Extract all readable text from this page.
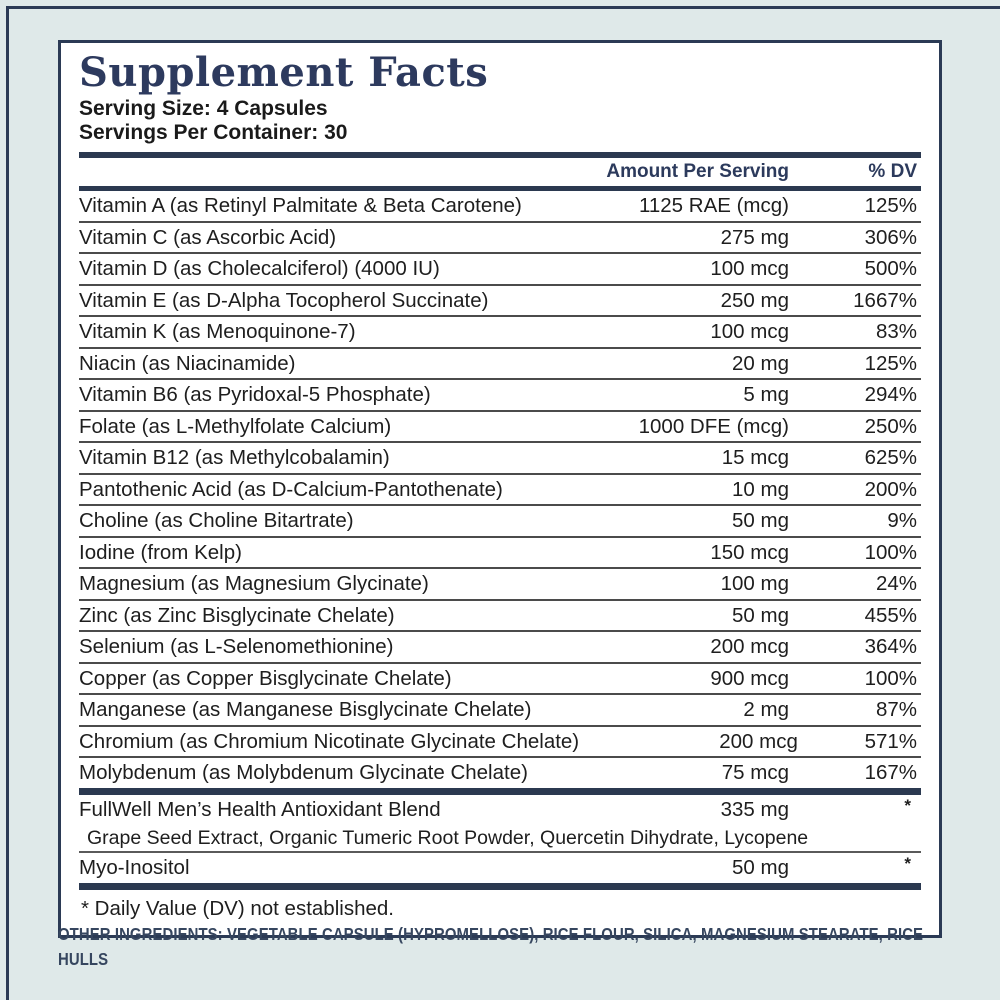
Supplement Facts
Serving Size: 4 Capsules
Servings Per Container: 30
Amount Per Serving	% DV
Vitamin A (as Retinyl Palmitate & Beta Carotene)	1125 RAE (mcg)	125%
Vitamin C (as Ascorbic Acid)	275 mg	306%
Vitamin D (as Cholecalciferol) (4000 IU)	100 mcg	500%
Vitamin E (as D-Alpha Tocopherol Succinate)	250 mg	1667%
Vitamin K (as Menoquinone-7)	100 mcg	83%
Niacin (as Niacinamide)	20 mg	125%
Vitamin B6 (as Pyridoxal-5 Phosphate)	5 mg	294%
Folate (as L-Methylfolate Calcium)	1000 DFE (mcg)	250%
Vitamin B12 (as Methylcobalamin)	15 mcg	625%
Pantothenic Acid (as D-Calcium-Pantothenate)	10 mg	200%
Choline (as Choline Bitartrate)	50 mg	9%
Iodine (from Kelp)	150 mcg	100%
Magnesium (as Magnesium Glycinate)	100 mg	24%
Zinc (as Zinc Bisglycinate Chelate)	50 mg	455%
Selenium (as L-Selenomethionine)	200 mcg	364%
Copper (as Copper Bisglycinate Chelate)	900 mcg	100%
Manganese (as Manganese Bisglycinate Chelate)	2 mg	87%
Chromium (as Chromium Nicotinate Glycinate Chelate)	200 mcg	571%
Molybdenum (as Molybdenum Glycinate Chelate)	75 mcg	167%
FullWell Men’s Health Antioxidant Blend	335 mg	*
Grape Seed Extract, Organic Tumeric Root Powder, Quercetin Dihydrate, Lycopene
Myo-Inositol	50 mg	*
* Daily Value (DV) not established.
OTHER INGREDIENTS: VEGETABLE CAPSULE (HYPROMELLOSE), RICE FLOUR, SILICA, MAGNESIUM STEARATE, RICE HULLS
